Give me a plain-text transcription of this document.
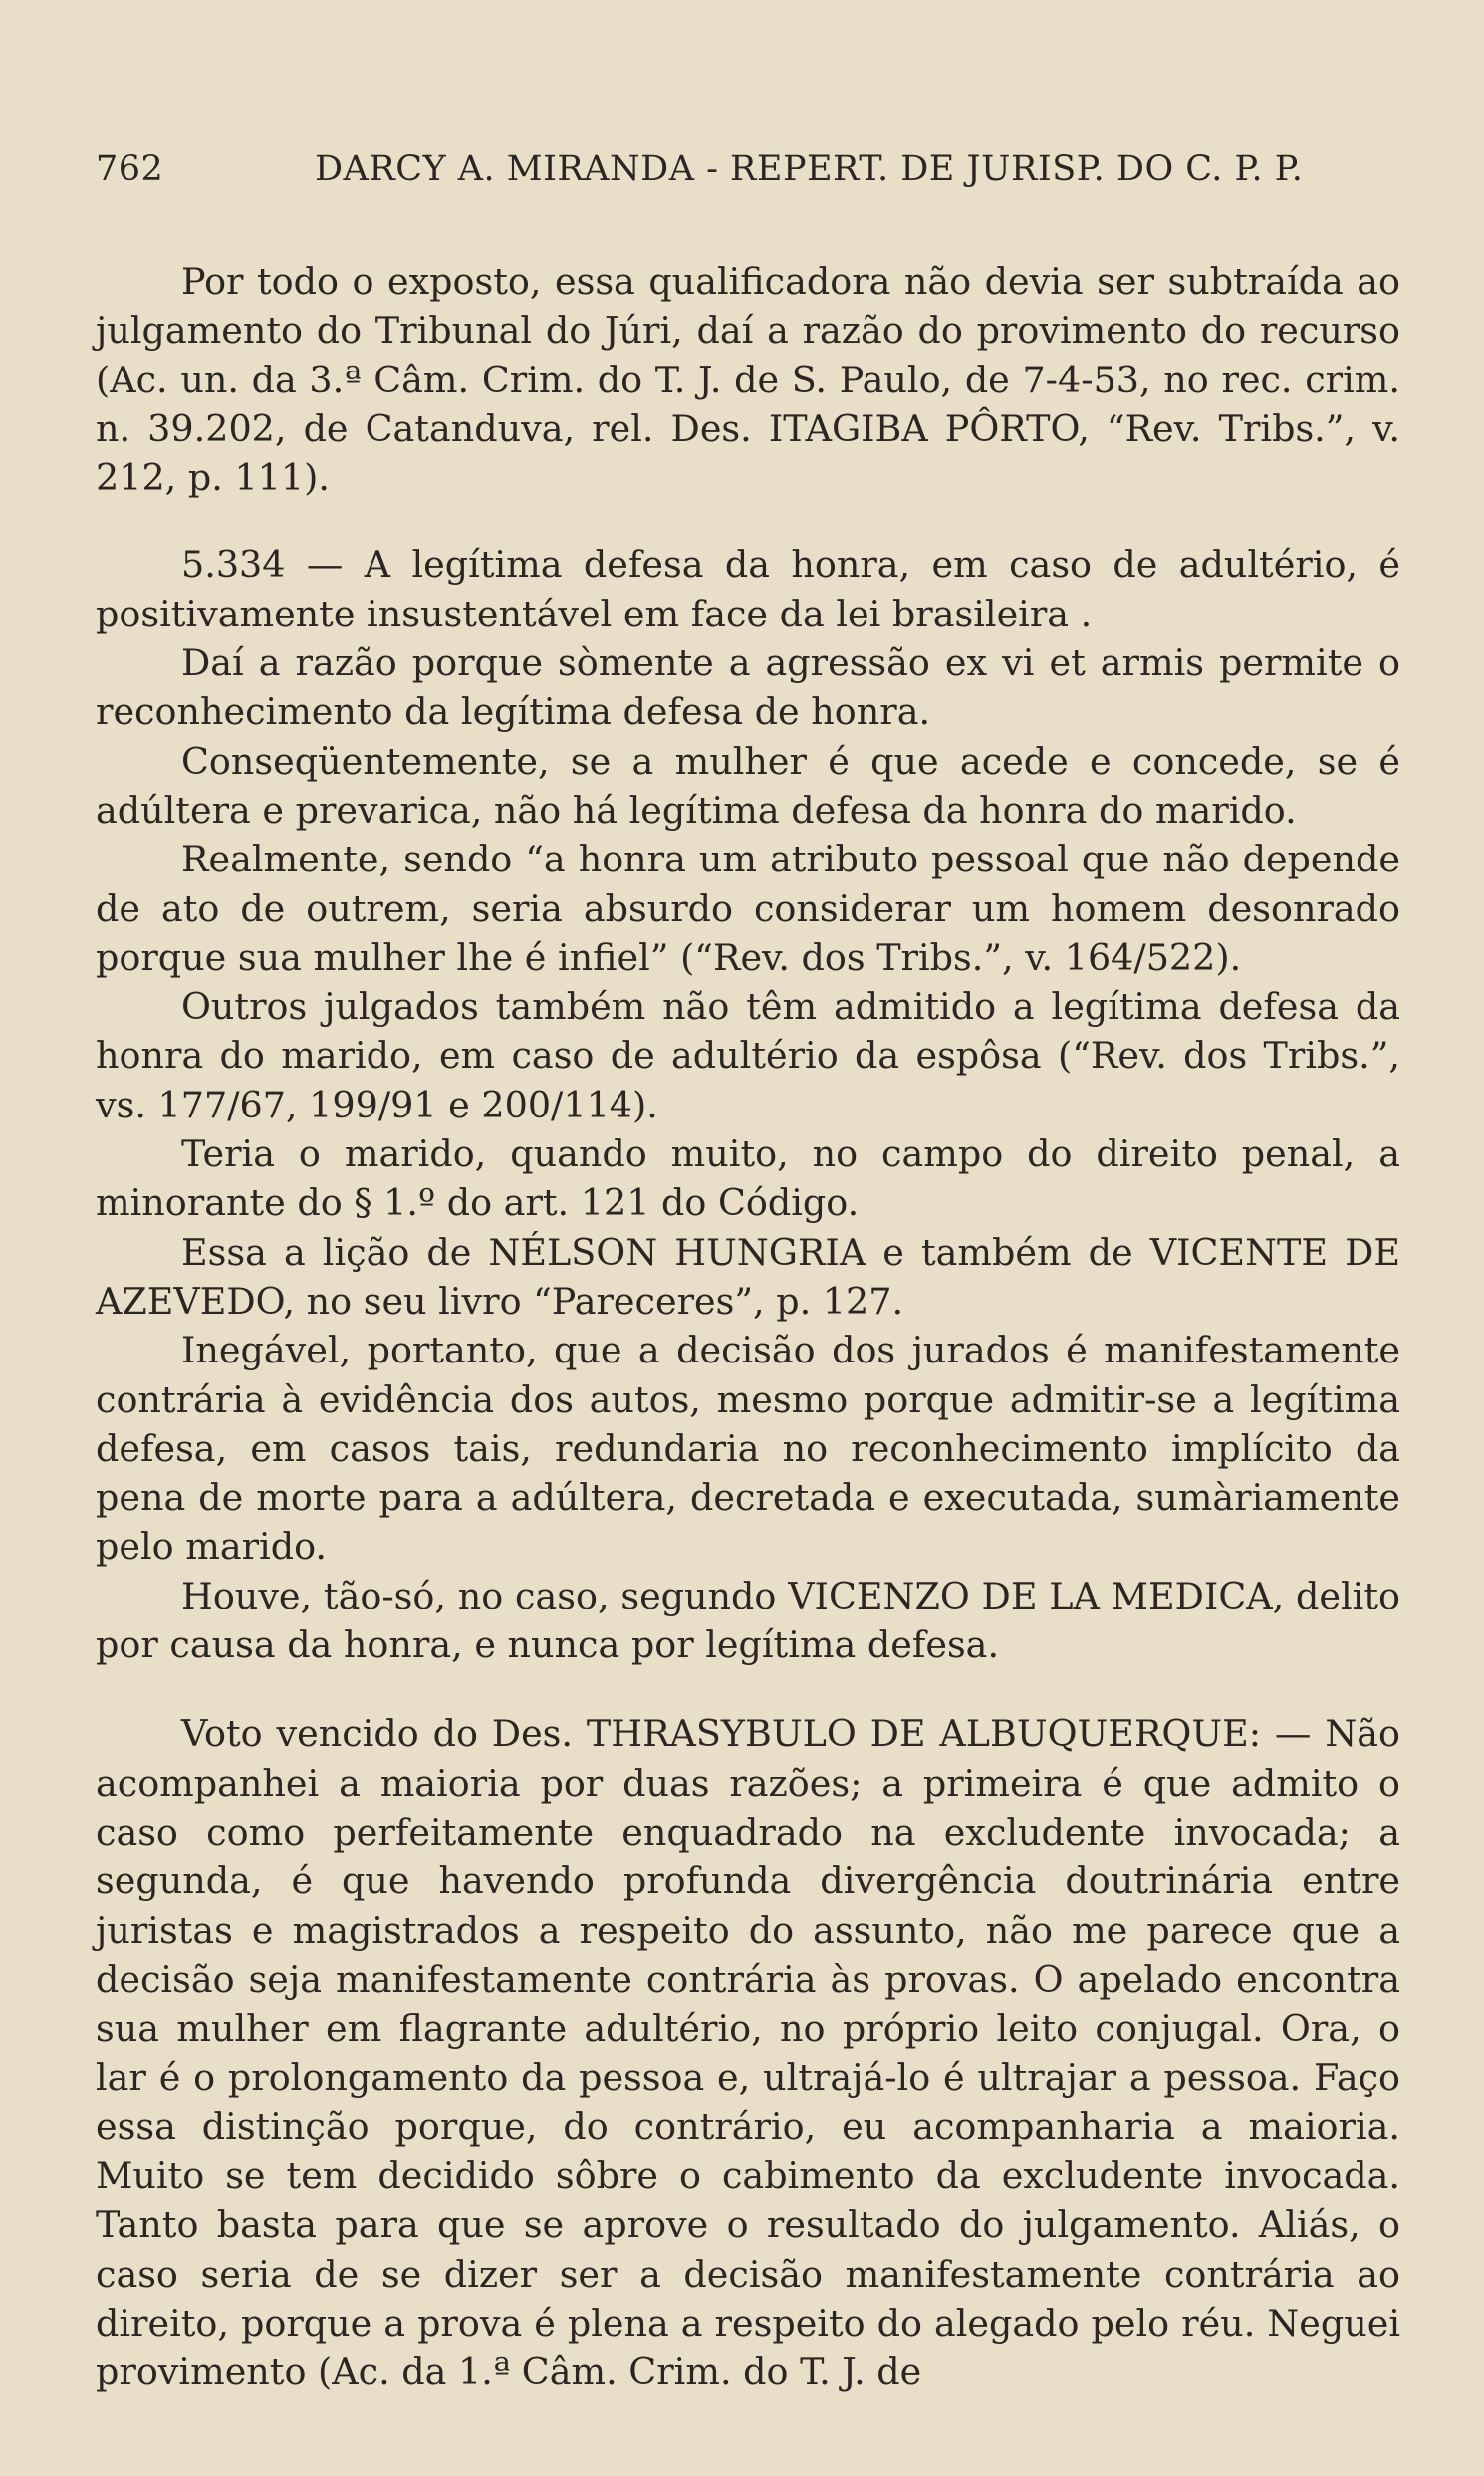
762	DARCY A. MIRANDA - REPERT. DE JURISP. DO C. P. P.

Por todo o exposto, essa qualificadora não devia ser subtraída ao julgamento do Tribunal do Júri, daí a razão do provimento do recurso (Ac. un. da 3.ª Câm. Crim. do T. J. de S. Paulo, de 7-4-53, no rec. crim. n. 39.202, de Catanduva, rel. Des. ITAGIBA PÔRTO, “Rev. Tribs.”, v. 212, p. 111).

5.334 — A legítima defesa da honra, em caso de adultério, é positivamente insustentável em face da lei brasileira .

Daí a razão porque sòmente a agressão ex vi et armis permite o reconhecimento da legítima defesa de honra.

Conseqüentemente, se a mulher é que acede e concede, se é adúltera e prevarica, não há legítima defesa da honra do marido.

Realmente, sendo “a honra um atributo pessoal que não depende de ato de outrem, seria absurdo considerar um homem desonrado porque sua mulher lhe é infiel” (“Rev. dos Tribs.”, v. 164/522).

Outros julgados também não têm admitido a legítima defesa da honra do marido, em caso de adultério da espôsa (“Rev. dos Tribs.”, vs. 177/67, 199/91 e 200/114).

Teria o marido, quando muito, no campo do direito penal, a minorante do § 1.º do art. 121 do Código.

Essa a lição de NÉLSON HUNGRIA e também de VICENTE DE AZEVEDO, no seu livro “Pareceres”, p. 127.

Inegável, portanto, que a decisão dos jurados é manifestamente contrária à evidência dos autos, mesmo porque admitir-se a legítima defesa, em casos tais, redundaria no reconhecimento implícito da pena de morte para a adúltera, decretada e executada, sumàriamente pelo marido.

Houve, tão-só, no caso, segundo VICENZO DE LA MEDICA, delito por causa da honra, e nunca por legítima defesa.

Voto vencido do Des. THRASYBULO DE ALBUQUERQUE: — Não acompanhei a maioria por duas razões; a primeira é que admito o caso como perfeitamente enquadrado na excludente invocada; a segunda, é que havendo profunda divergência doutrinária entre juristas e magistrados a respeito do assunto, não me parece que a decisão seja manifestamente contrária às provas. O apelado encontra sua mulher em flagrante adultério, no próprio leito conjugal. Ora, o lar é o prolongamento da pessoa e, ultrajá-lo é ultrajar a pessoa. Faço essa distinção porque, do contrário, eu acompanharia a maioria. Muito se tem decidido sôbre o cabimento da excludente invocada. Tanto basta para que se aprove o resultado do julgamento. Aliás, o caso seria de se dizer ser a decisão manifestamente contrária ao direito, porque a prova é plena a respeito do alegado pelo réu. Neguei provimento (Ac. da 1.ª Câm. Crim. do T. J. de
